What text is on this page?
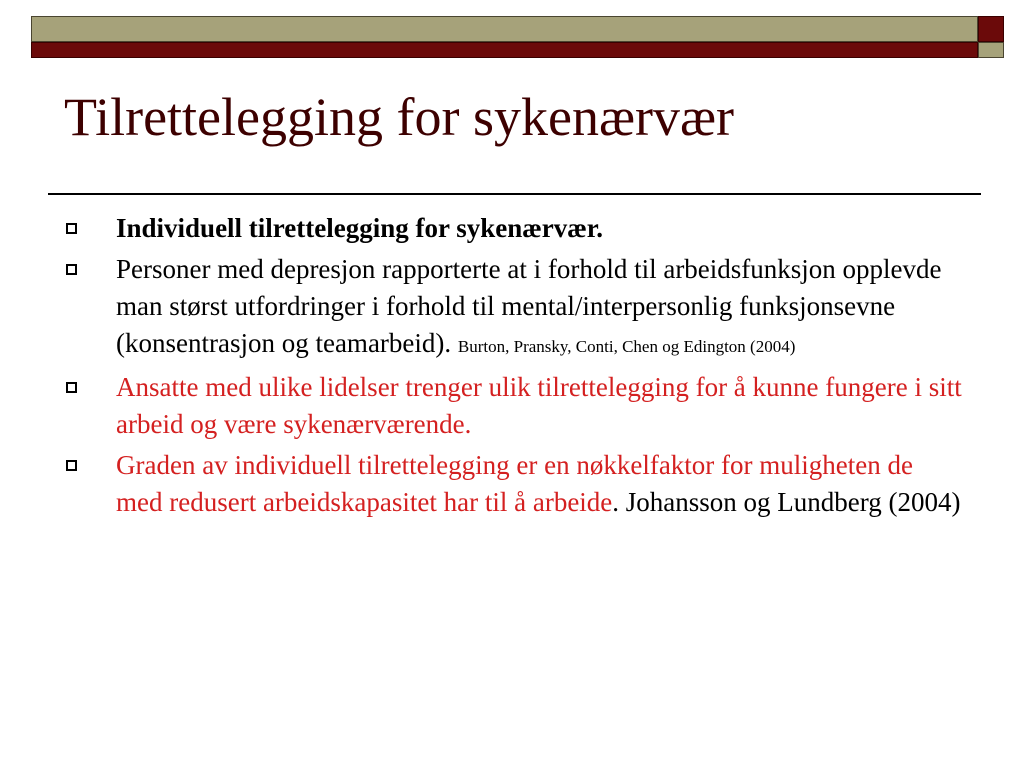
Tilrettelegging for sykenærvær
Individuell tilrettelegging for sykenærvær.
Personer med depresjon rapporterte at i forhold til arbeidsfunksjon opplevde man størst utfordringer i forhold til mental/interpersonlig funksjonsevne (konsentrasjon og teamarbeid). Burton, Pransky, Conti, Chen og Edington (2004)
Ansatte med ulike lidelser trenger ulik tilrettelegging for å kunne fungere i sitt arbeid og være sykenærværende.
Graden av individuell tilrettelegging er en nøkkelfaktor for muligheten de med redusert arbeidskapasitet har til å arbeide. Johansson og Lundberg (2004)
